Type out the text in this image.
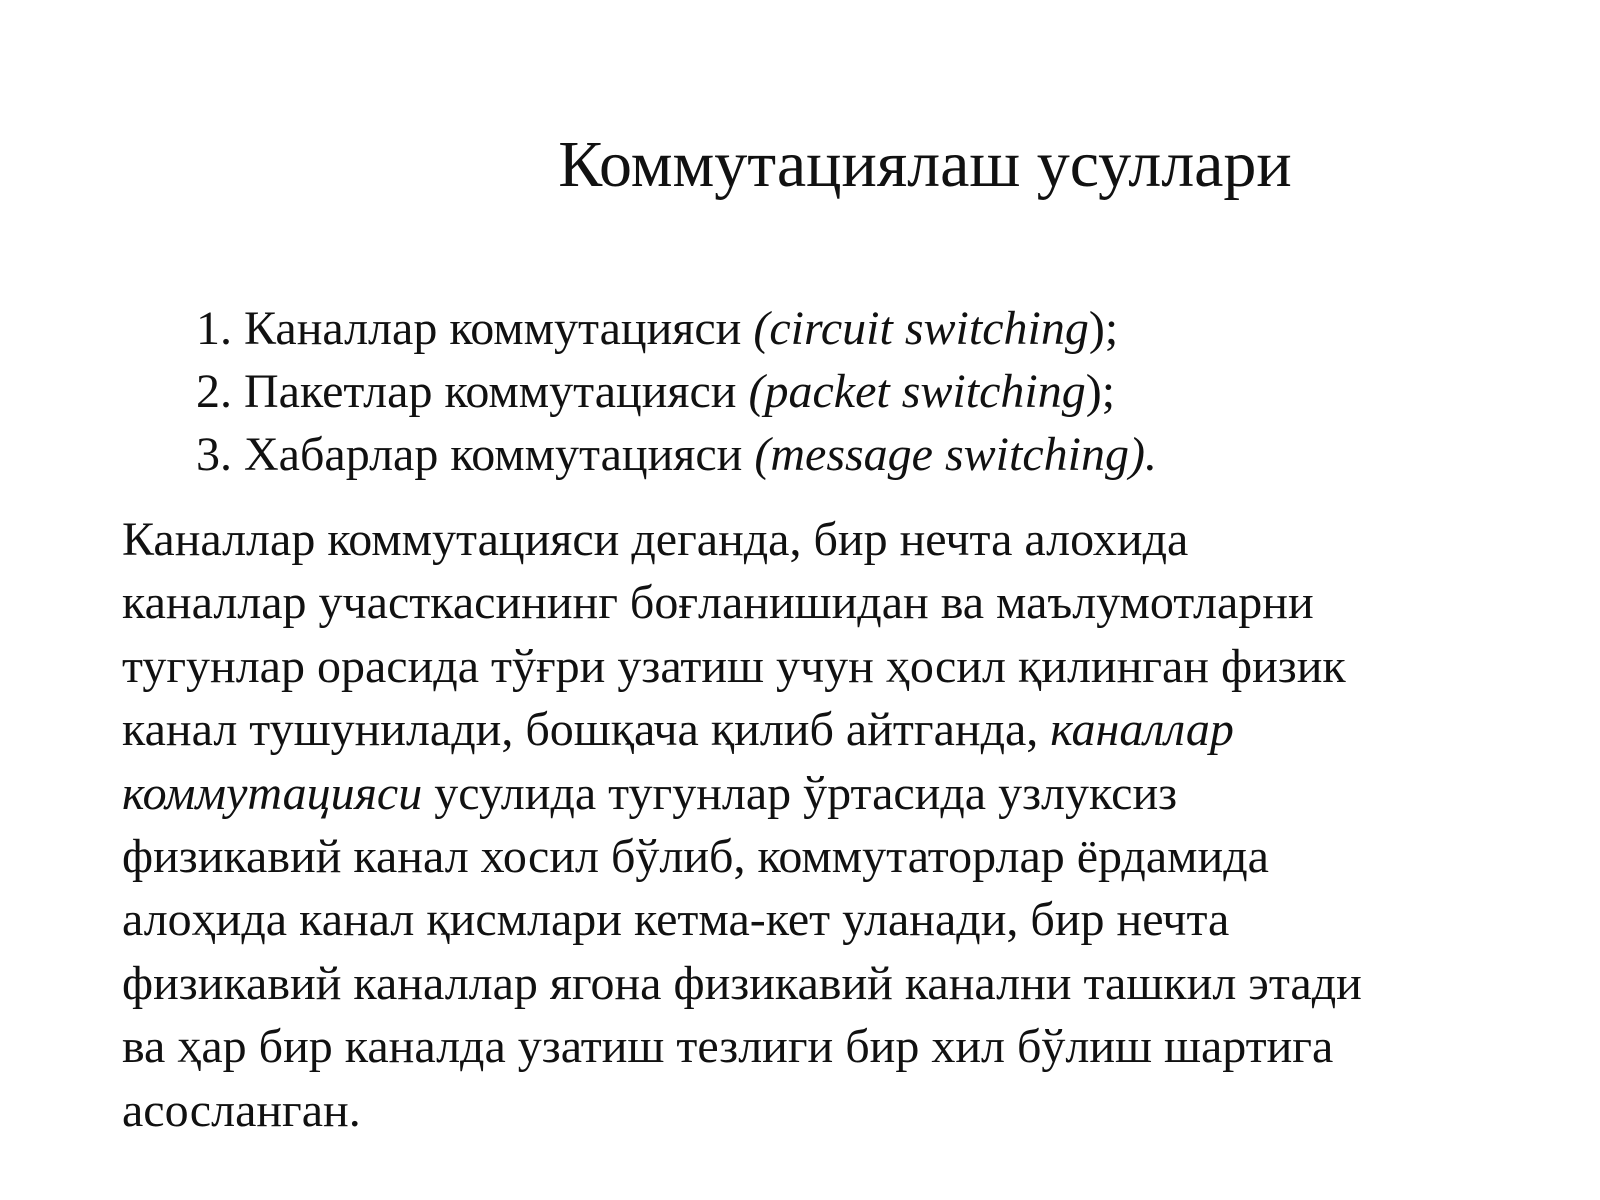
Коммутациялаш усуллари
1. Каналлар коммутацияси (circuit switching);
2. Пакетлар коммутацияси (packet switching);
3. Хабарлар коммутацияси (message switching).

Каналлар коммутацияси деганда, бир нечта алохида
каналлар участкасининг боғланишидан ва маълумотларни
тугунлар орасида тўғри узатиш учун ҳосил қилинган физик
канал тушунилади, бошқача қилиб айтганда, каналлар
коммутацияси усулида тугунлар ўртасида узлуксиз
физикавий канал хосил бўлиб, коммутаторлар ёрдамида
алоҳида канал қисмлари кетма-кет уланади, бир нечта
физикавий каналлар ягона физикавий канални ташкил этади
ва ҳар бир каналда узатиш тезлиги бир хил бўлиш шартига
асосланган.
